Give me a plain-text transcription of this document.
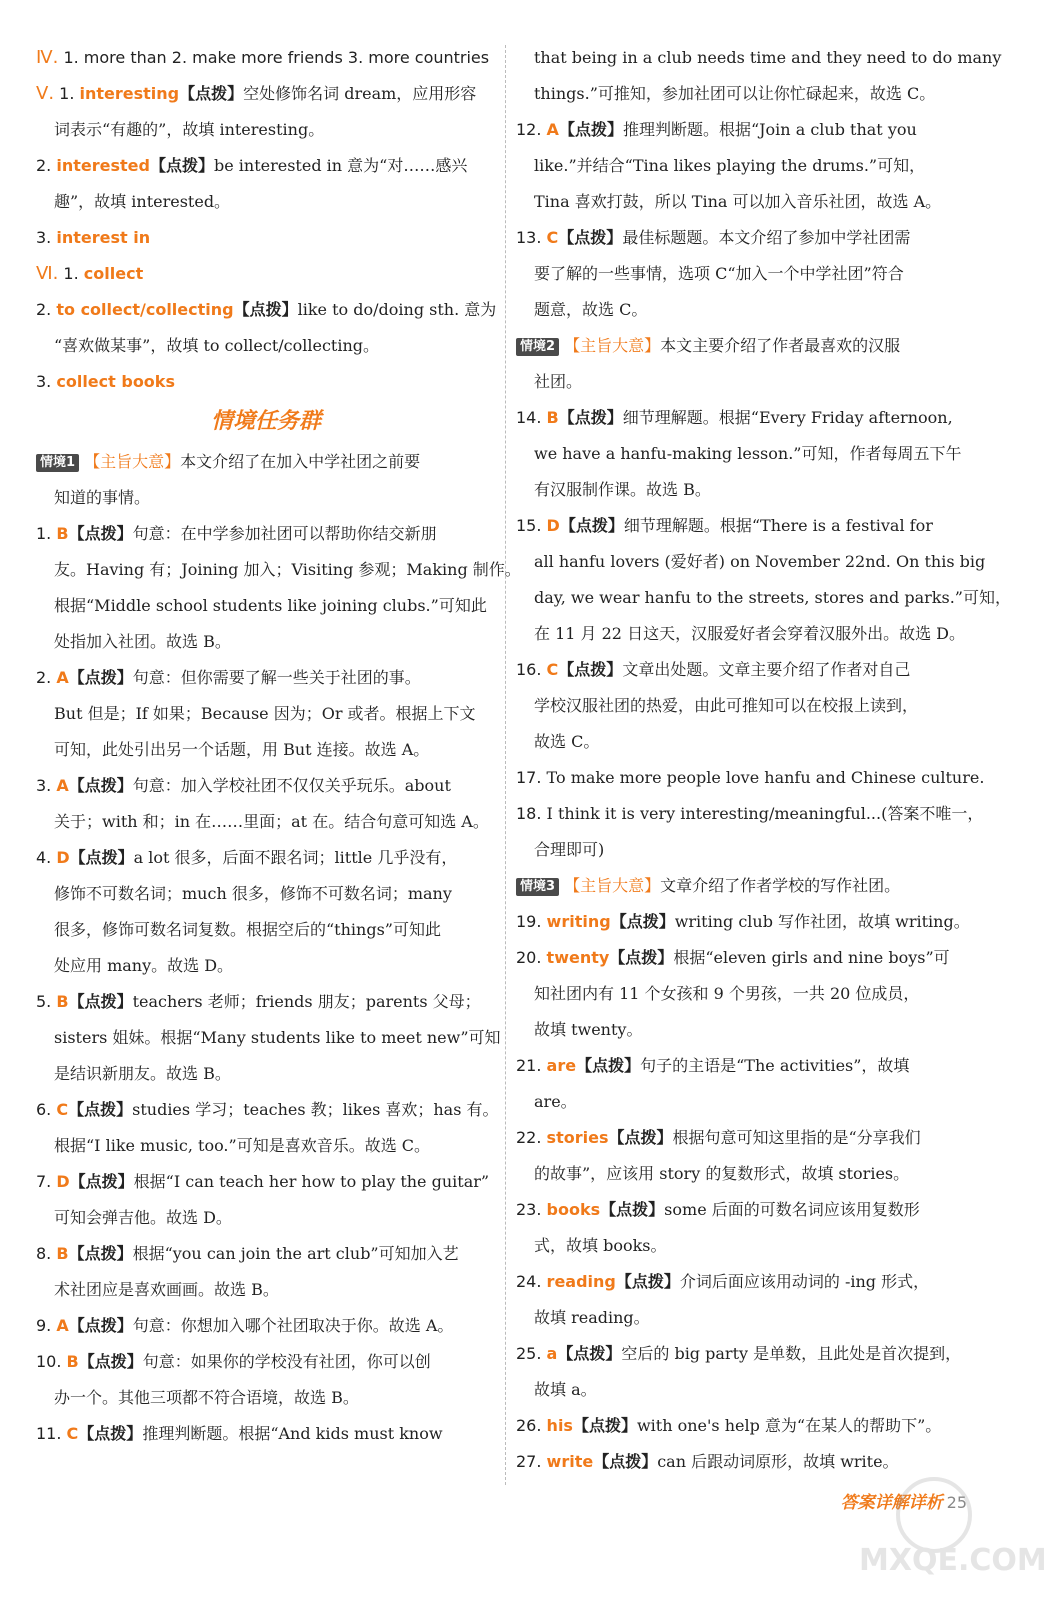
Ⅳ. 1. more than 2. make more friends 3. more countries
Ⅴ. 1. interesting【点拨】空处修饰名词 dream，应用形容
词表示“有趣的”，故填 interesting。
2. interested【点拨】be interested in 意为“对……感兴
趣”，故填 interested。
3. interest in
Ⅵ. 1. collect
2. to collect/collecting【点拨】like to do/doing sth. 意为
“喜欢做某事”，故填 to collect/collecting。
3. collect books
情境任务群
情境1 【主旨大意】本文介绍了在加入中学社团之前要
知道的事情。
1. B【点拨】句意：在中学参加社团可以帮助你结交新朋
友。Having 有；Joining 加入；Visiting 参观；Making 制作。
根据“Middle school students like joining clubs.”可知此
处指加入社团。故选 B。
2. A【点拨】句意：但你需要了解一些关于社团的事。
But 但是；If 如果；Because 因为；Or 或者。根据上下文
可知，此处引出另一个话题，用 But 连接。故选 A。
3. A【点拨】句意：加入学校社团不仅仅关乎玩乐。about
关于；with 和；in 在……里面；at 在。结合句意可知选 A。
4. D【点拨】a lot 很多，后面不跟名词；little 几乎没有，
修饰不可数名词；much 很多，修饰不可数名词；many
很多，修饰可数名词复数。根据空后的“things”可知此
处应用 many。故选 D。
5. B【点拨】teachers 老师；friends 朋友；parents 父母；
sisters 姐妹。根据“Many students like to meet new”可知
是结识新朋友。故选 B。
6. C【点拨】studies 学习；teaches 教；likes 喜欢；has 有。
根据“I like music, too.”可知是喜欢音乐。故选 C。
7. D【点拨】根据“I can teach her how to play the guitar”
可知会弹吉他。故选 D。
8. B【点拨】根据“you can join the art club”可知加入艺
术社团应是喜欢画画。故选 B。
9. A【点拨】句意：你想加入哪个社团取决于你。故选 A。
10. B【点拨】句意：如果你的学校没有社团，你可以创
办一个。其他三项都不符合语境，故选 B。
11. C【点拨】推理判断题。根据“And kids must know
that being in a club needs time and they need to do many
things.”可推知，参加社团可以让你忙碌起来，故选 C。
12. A【点拨】推理判断题。根据“Join a club that you
like.”并结合“Tina likes playing the drums.”可知，
Tina 喜欢打鼓，所以 Tina 可以加入音乐社团，故选 A。
13. C【点拨】最佳标题题。本文介绍了参加中学社团需
要了解的一些事情，选项 C“加入一个中学社团”符合
题意，故选 C。
情境2 【主旨大意】本文主要介绍了作者最喜欢的汉服
社团。
14. B【点拨】细节理解题。根据“Every Friday afternoon,
we have a hanfu-making lesson.”可知，作者每周五下午
有汉服制作课。故选 B。
15. D【点拨】细节理解题。根据“There is a festival for
all hanfu lovers (爱好者) on November 22nd. On this big
day, we wear hanfu to the streets, stores and parks.”可知，
在 11 月 22 日这天，汉服爱好者会穿着汉服外出。故选 D。
16. C【点拨】文章出处题。文章主要介绍了作者对自己
学校汉服社团的热爱，由此可推知可以在校报上读到，
故选 C。
17. To make more people love hanfu and Chinese culture.
18. I think it is very interesting/meaningful...(答案不唯一，
合理即可)
情境3 【主旨大意】文章介绍了作者学校的写作社团。
19. writing【点拨】writing club 写作社团，故填 writing。
20. twenty【点拨】根据“eleven girls and nine boys”可
知社团内有 11 个女孩和 9 个男孩，一共 20 位成员，
故填 twenty。
21. are【点拨】句子的主语是“The activities”，故填
are。
22. stories【点拨】根据句意可知这里指的是“分享我们
的故事”，应该用 story 的复数形式，故填 stories。
23. books【点拨】some 后面的可数名词应该用复数形
式，故填 books。
24. reading【点拨】介词后面应该用动词的 -ing 形式，
故填 reading。
25. a【点拨】空后的 big party 是单数，且此处是首次提到，
故填 a。
26. his【点拨】with one's help 意为“在某人的帮助下”。
27. write【点拨】can 后跟动词原形，故填 write。
答案详解详析 25
MXQE.COM
